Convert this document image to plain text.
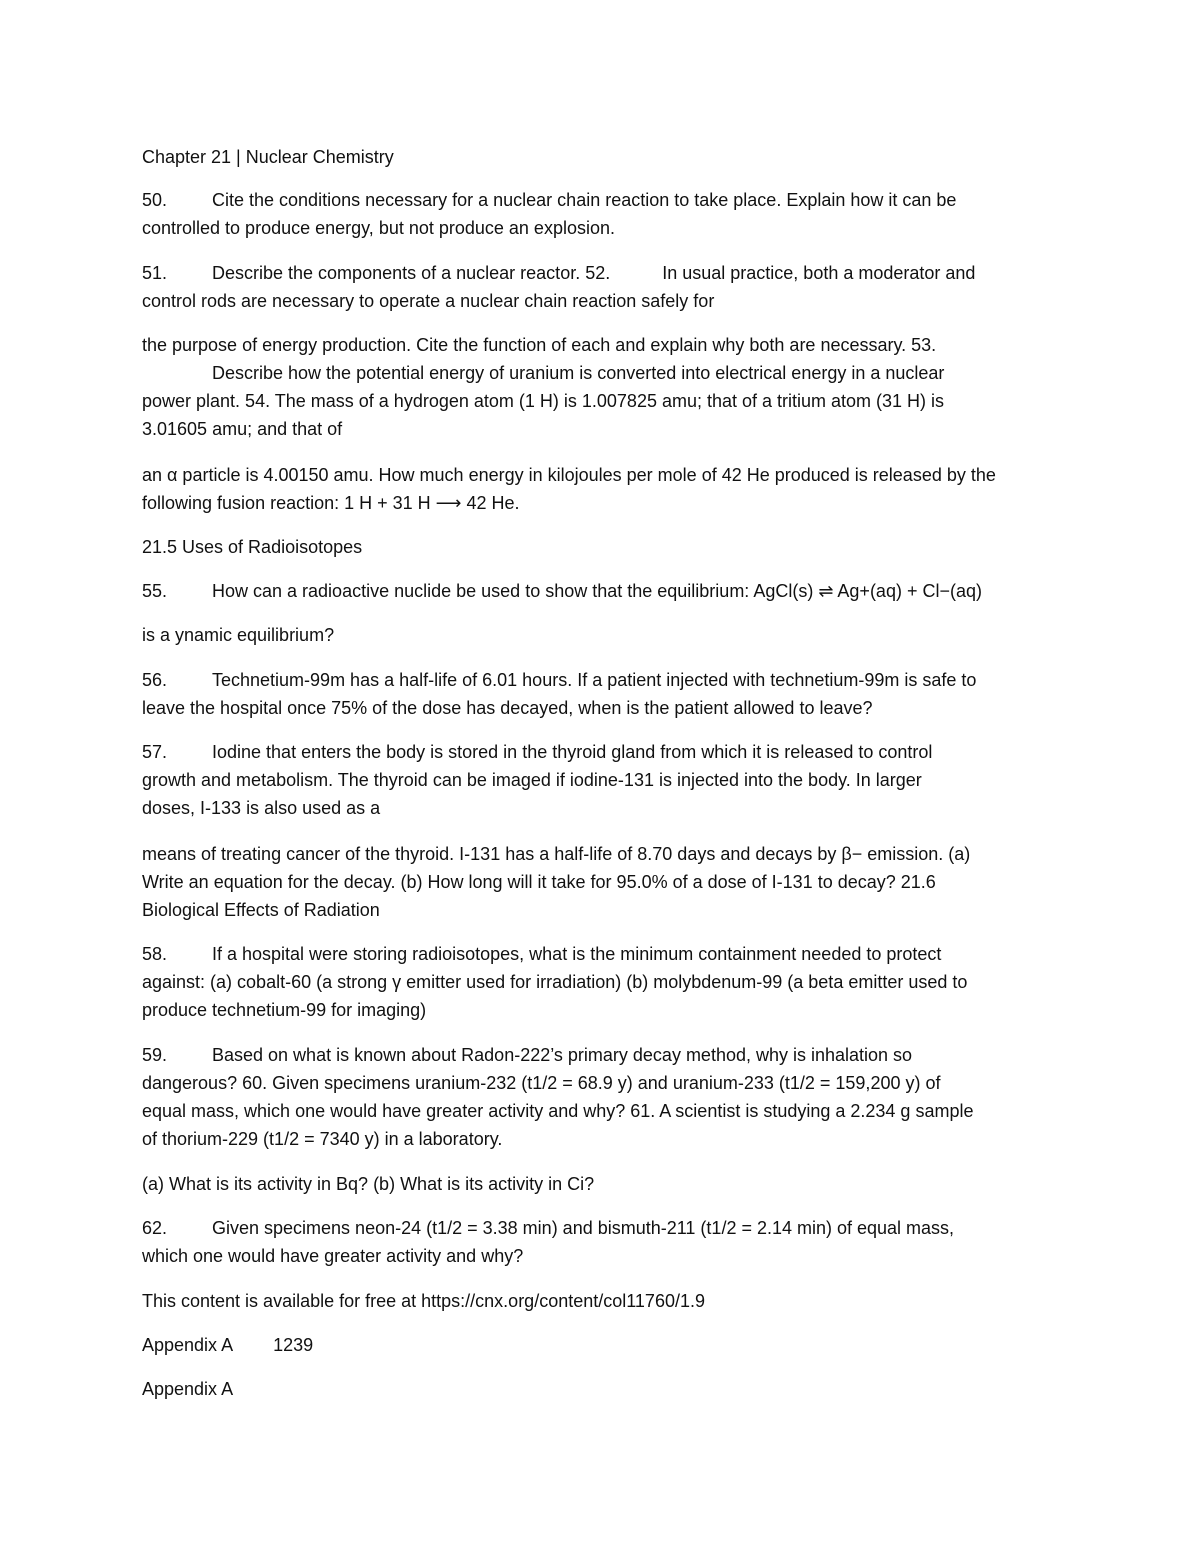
Chapter 21 | Nuclear Chemistry
50. Cite the conditions necessary for a nuclear chain reaction to take place. Explain how it can be
controlled to produce energy, but not produce an explosion.
51. Describe the components of a nuclear reactor. 52.	In usual practice, both a moderator and
control rods are necessary to operate a nuclear chain reaction safely for
the purpose of energy production. Cite the function of each and explain why both are necessary. 53.
Describe how the potential energy of uranium is converted into electrical energy in a nuclear
power plant. 54. The mass of a hydrogen atom (1 H) is 1.007825 amu; that of a tritium atom (31 H) is
3.01605 amu; and that of
an α particle is 4.00150 amu. How much energy in kilojoules per mole of 42 He produced is released by the
following fusion reaction: 1 H + 31 H ⟶ 42 He.
21.5 Uses of Radioisotopes
55. How can a radioactive nuclide be used to show that the equilibrium: AgCl(s) ⇌ Ag+(aq) + Cl−(aq)
is a ynamic equilibrium?
56. Technetium-99m has a half-life of 6.01 hours. If a patient injected with technetium-99m is safe to
leave the hospital once 75% of the dose has decayed, when is the patient allowed to leave?
57. Iodine that enters the body is stored in the thyroid gland from which it is released to control
growth and metabolism. The thyroid can be imaged if iodine-131 is injected into the body. In larger
doses, I-133 is also used as a
means of treating cancer of the thyroid. I-131 has a half-life of 8.70 days and decays by β− emission. (a)
Write an equation for the decay. (b) How long will it take for 95.0% of a dose of I-131 to decay? 21.6
Biological Effects of Radiation
58. If a hospital were storing radioisotopes, what is the minimum containment needed to protect
against: (a) cobalt-60 (a strong γ emitter used for irradiation) (b) molybdenum-99 (a beta emitter used to
produce technetium-99 for imaging)
59. Based on what is known about Radon-222’s primary decay method, why is inhalation so
dangerous? 60. Given specimens uranium-232 (t1/2 = 68.9 y) and uranium-233 (t1/2 = 159,200 y) of
equal mass, which one would have greater activity and why? 61. A scientist is studying a 2.234 g sample
of thorium-229 (t1/2 = 7340 y) in a laboratory.
(a) What is its activity in Bq? (b) What is its activity in Ci?
62. Given specimens neon-24 (t1/2 = 3.38 min) and bismuth-211 (t1/2 = 2.14 min) of equal mass,
which one would have greater activity and why?
This content is available for free at https://cnx.org/content/col11760/1.9
Appendix A 1239
Appendix A
